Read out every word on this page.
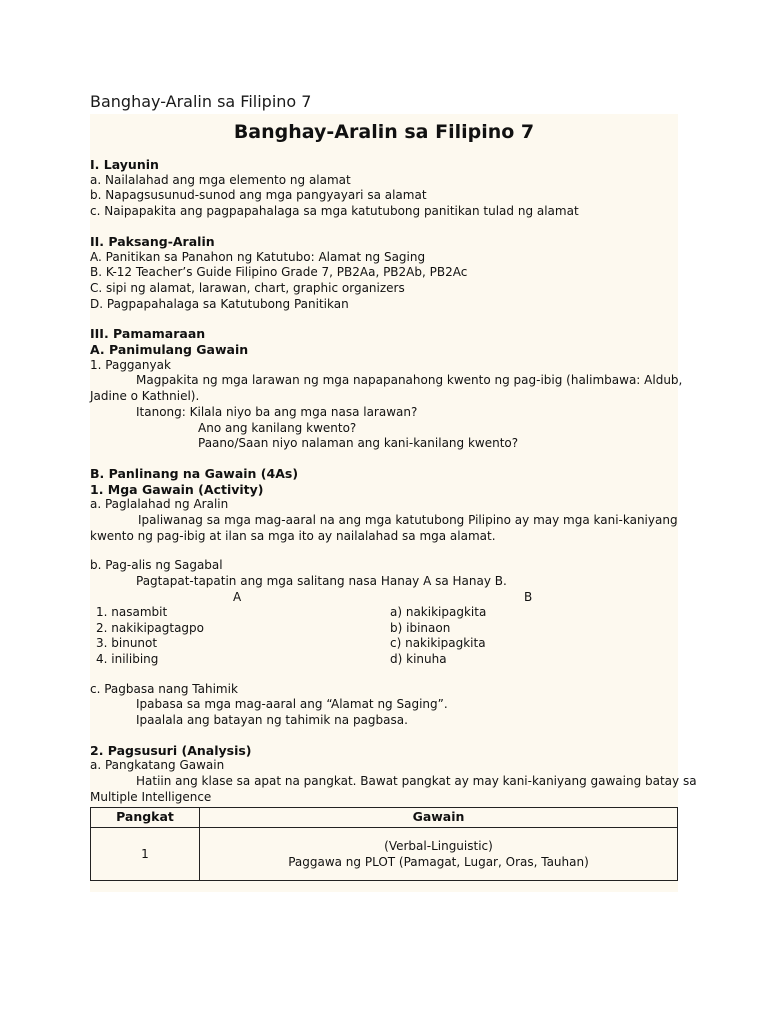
Banghay-Aralin sa Filipino 7
Banghay-Aralin sa Filipino 7
I. Layunin
a. Nailalahad ang mga elemento ng alamat
b. Napagsusunud-sunod ang mga pangyayari sa alamat
c. Naipapakita ang pagpapahalaga sa mga katutubong panitikan tulad ng alamat
II. Paksang-Aralin
A. Panitikan sa Panahon ng Katutubo: Alamat ng Saging
B. K-12 Teacher’s Guide Filipino Grade 7, PB2Aa, PB2Ab, PB2Ac
C. sipi ng alamat, larawan, chart, graphic organizers
D. Pagpapahalaga sa Katutubong Panitikan
III. Pamamaraan
A. Panimulang Gawain
1. Pagganyak
Magpakita ng mga larawan ng mga napapanahong kwento ng pag-ibig (halimbawa: Aldub,
Jadine o Kathniel).
Itanong: Kilala niyo ba ang mga nasa larawan?
Ano ang kanilang kwento?
Paano/Saan niyo nalaman ang kani-kanilang kwento?
B. Panlinang na Gawain (4As)
1. Mga Gawain (Activity)
a. Paglalahad ng Aralin
Ipaliwanag sa mga mag-aaral na ang mga katutubong Pilipino ay may mga kani-kaniyang
kwento ng pag-ibig at ilan sa mga ito ay nailalahad sa mga alamat.
b. Pag-alis ng Sagabal
Pagtapat-tapatin ang mga salitang nasa Hanay A sa Hanay B.
A	B
1. nasambit	a) nakikipagkita
2. nakikipagtagpo	b) ibinaon
3. binunot	c) nakikipagkita
4. inilibing	d) kinuha
c. Pagbasa nang Tahimik
Ipabasa sa mga mag-aaral ang “Alamat ng Saging”.
Ipaalala ang batayan ng tahimik na pagbasa.
2. Pagsusuri (Analysis)
a. Pangkatang Gawain
Hatiin ang klase sa apat na pangkat. Bawat pangkat ay may kani-kaniyang gawaing batay sa
Multiple Intelligence
Pangkat	Gawain
1	(Verbal-Linguistic)
Paggawa ng PLOT (Pamagat, Lugar, Oras, Tauhan)
